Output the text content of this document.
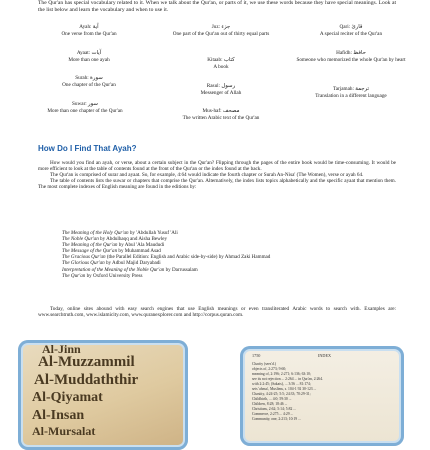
The Qur'an has special vocabulary related to it. When we talk about the Qur'an, or parts of it, we use these words because they have special meanings. Look at the list below and learn the vocabulary and when to use it.
Ayah: آية
One verse from the Qur'an
Juz: جزء
One part of the Qur'an out of thirty equal parts
Qari: قارئ
A special reciter of the Qur'an
Ayaat: آيات
More than one ayah	Kitaab: كتاب
A book
Hafidh: حافظ
Someone who memorized the whole Qur'an by heart
Surah: سورة
One chapter of the Qur'an	Rasul: رسول
Messenger of Allah
Tarjamah: ترجمة
Translation in a different language
Suwar: سور
More than one chapter of the Qur'an	Mus-haf: مصحف
The written Arabic text of the Qur'an
How Do I Find That Ayah?

How would you find an ayah, or verse, about a certain subject in the Qur'an? Flipping through the pages of the entire book would be time-consuming. It would be more efficient to look at the table of contents found at the front of the Qur'an or the index found at the back.

The Qur'an is comprised of surar and ayaat. So, for example, 4:64 would indicate the fourth chapter or Surah An-Nisa' (The Women), verse or ayah 64.

The table of contents lists the suwar or chapters that comprise the Qur'an. Alternatively, the index lists topics alphabetically and the specific ayaat that mention them. The most complete indexes of English meaning are found in the editions by:

The Meaning of the Holy Qur'an by 'Abdullah Yusuf 'Ali
The Noble Qur'an by Abdulhaqq and Aisha Bewley
The Meaning of the Qur'an by Abul 'Ala Maududi
The Message of the Qur'an by Muhammad Asad
The Gracious Qur'an (the Parallel Edition: English and Arabic side-by-side) by Ahmad Zaki Hammad
The Glorious Qur'an by Adbul Majid Daryabadi
Interpretation of the Meaning of the Noble Qur'an by Darrussalam
The Qur'an by Oxford University Press

Today, online sites abound with easy search engines that use English meanings or even transliterated Arabic words to search with. Examples are: www.searchtruth.com, www.islamicity.com, www.quranexplorer.com and http://corpus.quran.com.

Al-Jinn
Al-Muzzammil
Al-Muddaththir
Al-Qiyamat
Al-Insan
Al-Mursalat
1750	INDEX
Charity (sees'd.)
objects of, 2:273; 9:60;
meaning of, 2:196; 2:271; 6:136; 63:10;
see its not rejection ... 2:264 ... in Qur'an, 2:264.
with 2:2:45; (Sakats), ... 3:56 ... 81:174;
sets 'ahnsa', Muslims, s. 104-1 92 30-123 ...
Chastity, 4:24-25; 5:5; 24:33; 70:29-31;
Childbirth, ... 4:0; 59:30 ...
Children, 8:28; 18:46 ...
Christians, 2:62; 5:14; 5:82 ...
Commerce, 2:275 ... 4:29 ...
Community, one, 2:213; 10:19 ...
